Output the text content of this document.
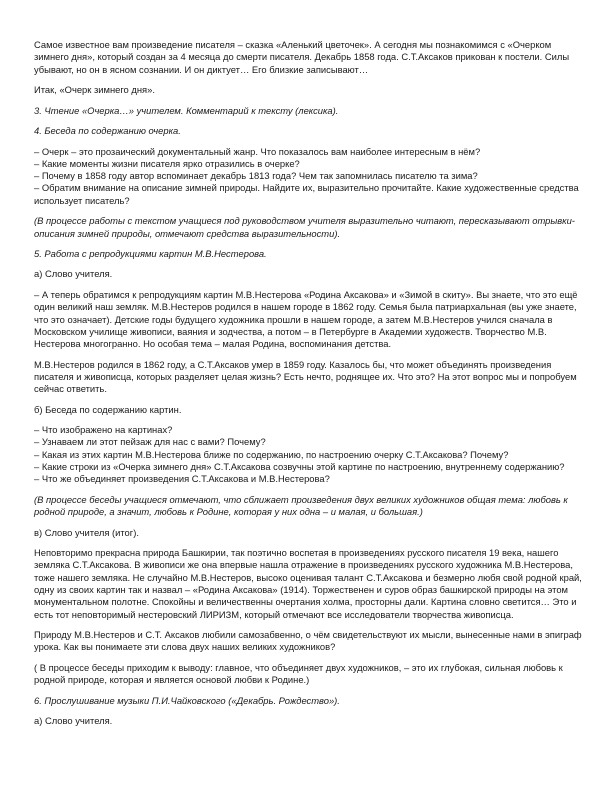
Самое известное вам произведение писателя – сказка «Аленький цветочек». А сегодня мы познакомимся с «Очерком зимнего дня», который создан за 4 месяца до смерти писателя. Декабрь 1858 года. С.Т.Аксаков прикован к постели. Силы убывают, но он в ясном сознании. И он диктует… Его близкие записывают…

Итак, «Очерк зимнего дня».

3. Чтение «Очерка…» учителем. Комментарий к тексту (лексика).

4. Беседа по содержанию очерка.

– Очерк – это прозаический документальный жанр. Что показалось вам наиболее интересным в нём?
– Какие моменты жизни писателя ярко отразились в очерке?
– Почему в 1858 году автор вспоминает декабрь 1813 года? Чем так запомнилась писателю та зима?
– Обратим внимание на описание зимней природы. Найдите их, выразительно прочитайте. Какие художественные средства использует писатель?

(В процессе работы с текстом учащиеся под руководством учителя выразительно читают, пересказывают отрывки-описания зимней природы, отмечают средства выразительности).

5. Работа с репродукциями картин М.В.Нестерова.

а) Слово учителя.

– А теперь обратимся к репродукциям картин М.В.Нестерова «Родина Аксакова» и «Зимой в скиту». Вы знаете, что это ещё один великий наш земляк. М.В.Нестеров родился в нашем городе в 1862 году. Семья была патриархальная (вы уже знаете, что это означает). Детские годы будущего художника прошли в нашем городе, а затем М.В.Нестеров учился сначала в Московском училище живописи, ваяния и зодчества, а потом – в Петербурге в Академии художеств. Творчество М.В. Нестерова многогранно. Но особая тема – малая Родина, воспоминания детства.

М.В.Нестеров родился в 1862 году, а С.Т.Аксаков умер в 1859 году. Казалось бы, что может объединять произведения писателя и живописца, которых разделяет целая жизнь? Есть нечто, роднящее их. Что это? На этот вопрос мы и попробуем сейчас ответить.

б) Беседа по содержанию картин.

– Что изображено на картинах?
– Узнаваем ли этот пейзаж для нас с вами? Почему?
– Какая из этих картин М.В.Нестерова ближе по содержанию, по настроению очерку С.Т.Аксакова? Почему?
– Какие строки из «Очерка зимнего дня» С.Т.Аксакова созвучны этой картине по настроению, внутреннему содержанию?
– Что же объединяет произведения С.Т.Аксакова и М.В.Нестерова?

(В процессе беседы учащиеся отмечают, что сближает произведения двух великих художников общая тема: любовь к родной природе, а значит, любовь к Родине, которая у них одна – и малая, и большая.)

в) Слово учителя (итог).

Неповторимо прекрасна природа Башкирии, так поэтично воспетая в произведениях русского писателя 19 века, нашего земляка С.Т.Аксакова. В живописи же она впервые нашла отражение в произведениях русского художника М.В.Нестерова, тоже нашего земляка. Не случайно М.В.Нестеров, высоко оценивая талант С.Т.Аксакова и безмерно любя свой родной край, одну из своих картин так и назвал – «Родина Аксакова» (1914). Торжественен и суров образ башкирской природы на этом монументальном полотне. Спокойны и величественны очертания холма, просторны дали. Картина словно светится… Это и есть тот неповторимый нестеровский ЛИРИЗМ, который отмечают все исследователи творчества живописца.

Природу М.В.Нестеров и С.Т. Аксаков любили самозабвенно, о чём свидетельствуют их мысли, вынесенные нами в эпиграф урока. Как вы понимаете эти слова двух наших великих художников?

( В процессе беседы приходим к выводу: главное, что объединяет двух художников, – это их глубокая, сильная любовь к родной природе, которая и является основой любви к Родине.)

6. Прослушивание музыки П.И.Чайковского («Декабрь. Рождество»).

а) Слово учителя.
